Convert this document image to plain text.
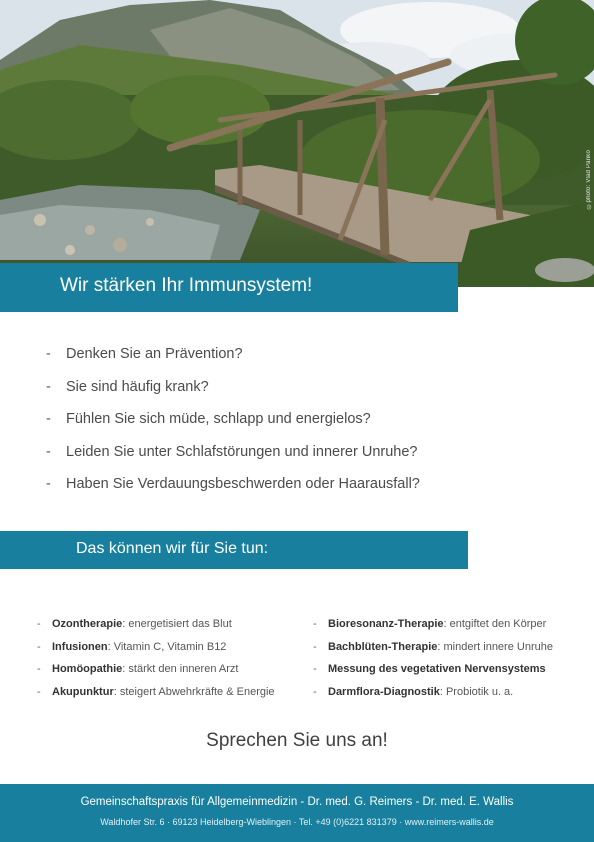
©photo: Vlad Panko
Wir stärken Ihr Immunsystem!
- Denken Sie an Prävention?
- Sie sind häufig krank?
- Fühlen Sie sich müde, schlapp und energielos?
- Leiden Sie unter Schlafstörungen und innerer Unruhe?
- Haben Sie Verdauungsbeschwerden oder Haarausfall?
Das können wir für Sie tun:
- Ozontherapie: energetisiert das Blut
- Infusionen: Vitamin C, Vitamin B12
- Homöopathie: stärkt den inneren Arzt
- Akupunktur: steigert Abwehrkräfte & Energie
- Bioresonanz-Therapie: entgiftet den Körper
- Bachblüten-Therapie: mindert innere Unruhe
- Messung des vegetativen Nervensystems
- Darmflora-Diagnostik: Probiotik u. a.
Sprechen Sie uns an!
Gemeinschaftspraxis für Allgemeinmedizin - Dr. med. G. Reimers - Dr. med. E. Wallis
Waldhofer Str. 6 · 69123 Heidelberg-Wieblingen · Tel. +49 (0)6221 831379 · www.reimers-wallis.de
